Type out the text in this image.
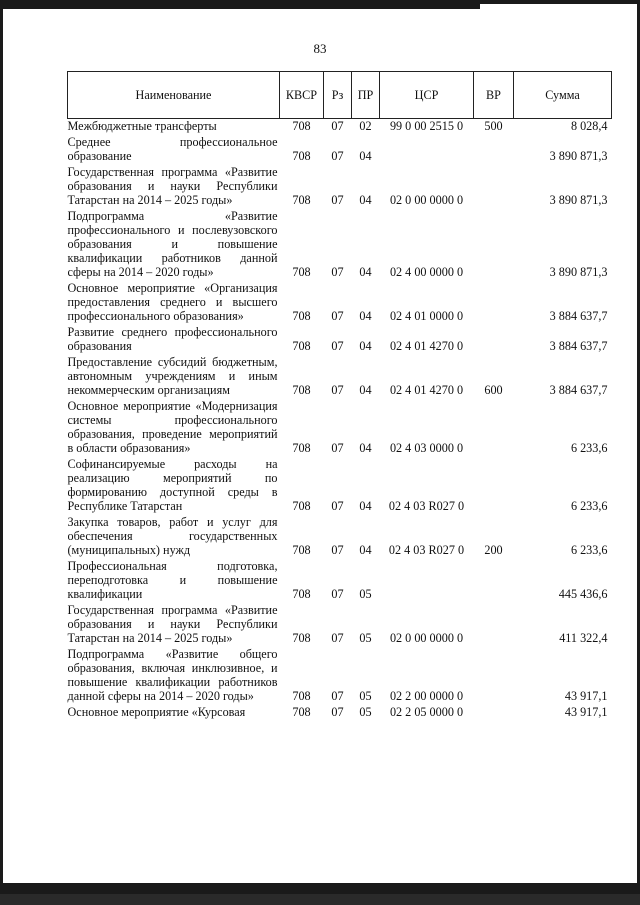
83
Наименование	КВСР	Рз	ПР	ЦСР	ВР	Сумма
Межбюджетные трансферты	708	07	02	99 0 00 2515 0	500	8 028,4
Среднее профессиональное образование	708	07	04			3 890 871,3
Государственная программа «Развитие образования и науки Республики Татарстан на 2014 – 2025 годы»	708	07	04	02 0 00 0000 0		3 890 871,3
Подпрограмма «Развитие профессионального и послевузовского образования и повышение квалификации работников данной сферы на 2014 – 2020 годы»	708	07	04	02 4 00 0000 0		3 890 871,3
Основное мероприятие «Организация предоставления среднего и высшего профессионального образования»	708	07	04	02 4 01 0000 0		3 884 637,7
Развитие среднего профессионального образования	708	07	04	02 4 01 4270 0		3 884 637,7
Предоставление субсидий бюджетным, автономным учреждениям и иным некоммерческим организациям	708	07	04	02 4 01 4270 0	600	3 884 637,7
Основное мероприятие «Модернизация системы профессионального образования, проведение мероприятий в области образования»	708	07	04	02 4 03 0000 0		6 233,6
Софинансируемые расходы на реализацию мероприятий по формированию доступной среды в Республике Татарстан	708	07	04	02 4 03 R027 0		6 233,6
Закупка товаров, работ и услуг для обеспечения государственных (муниципальных) нужд	708	07	04	02 4 03 R027 0	200	6 233,6
Профессиональная подготовка, переподготовка и повышение квалификации	708	07	05			445 436,6
Государственная программа «Развитие образования и науки Республики Татарстан на 2014 – 2025 годы»	708	07	05	02 0 00 0000 0		411 322,4
Подпрограмма «Развитие общего образования, включая инклюзивное, и повышение квалификации работников данной сферы на 2014 – 2020 годы»	708	07	05	02 2 00 0000 0		43 917,1
Основное мероприятие «Курсовая	708	07	05	02 2 05 0000 0		43 917,1
